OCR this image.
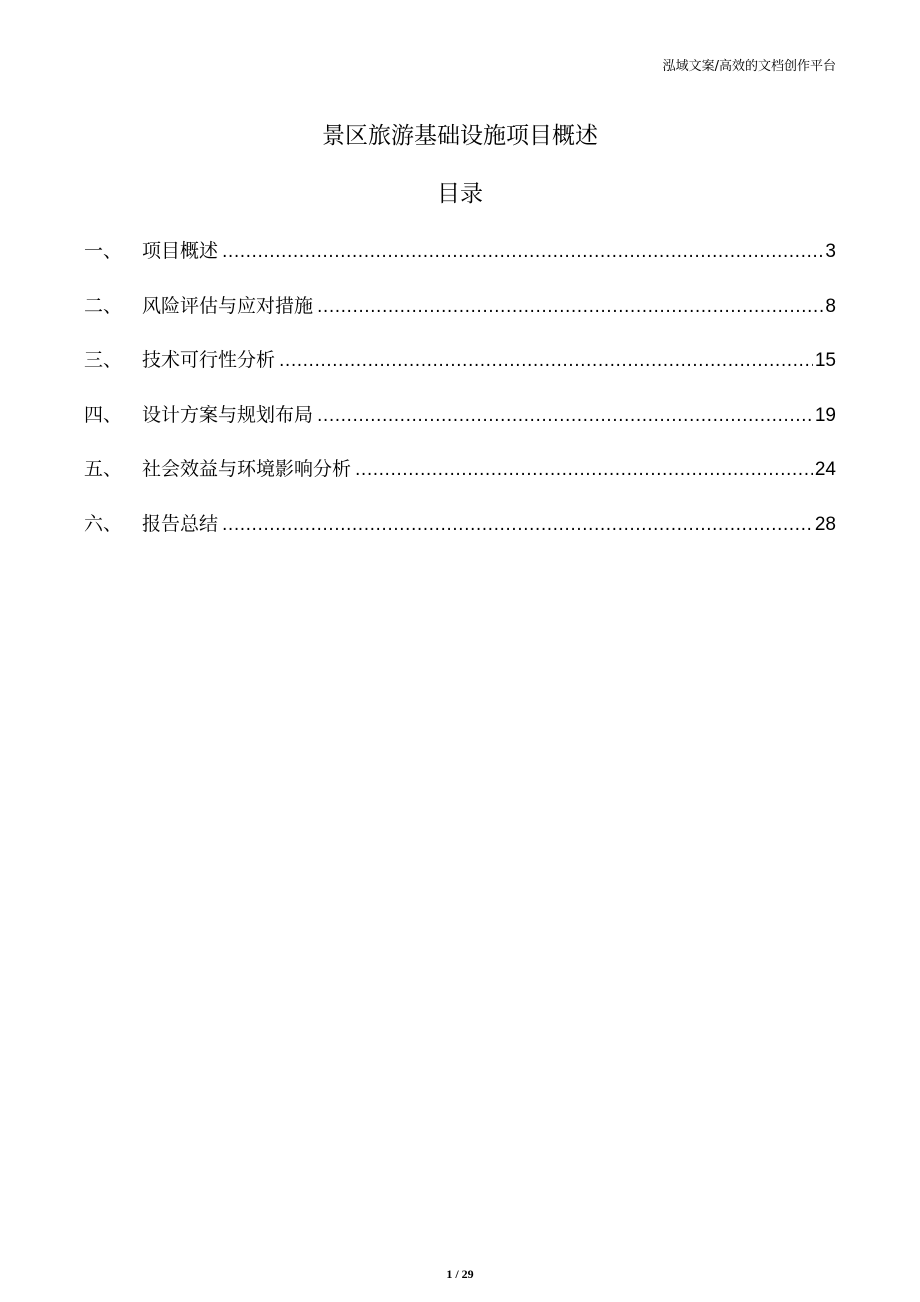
泓域文案/高效的文档创作平台
景区旅游基础设施项目概述
目录
一、	项目概述 .....	3
二、	风险评估与应对措施 .....	8
三、	技术可行性分析 .....	15
四、	设计方案与规划布局 .....	19
五、	社会效益与环境影响分析 .....	24
六、	报告总结 .....	28
1 / 29
